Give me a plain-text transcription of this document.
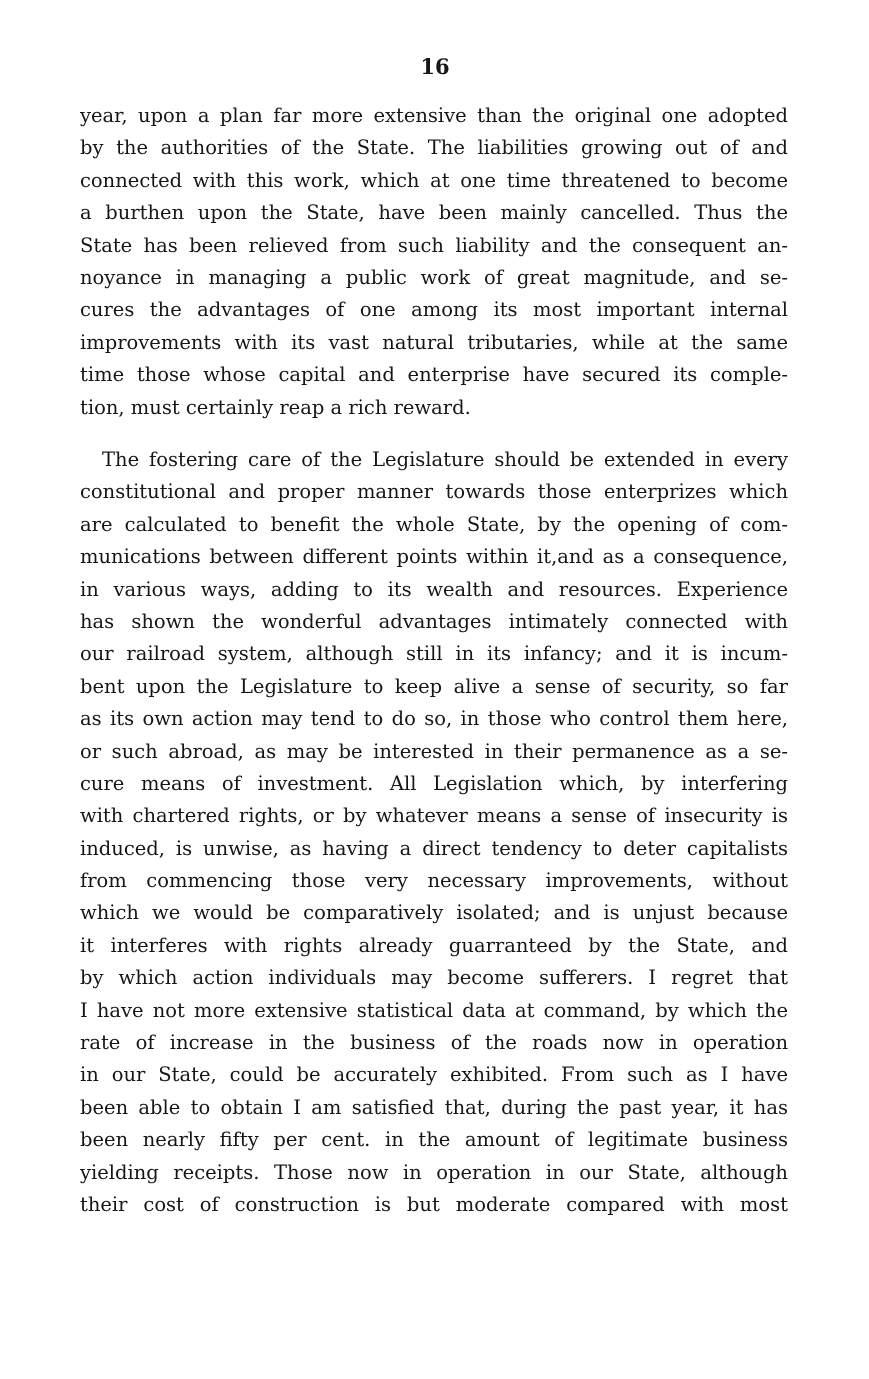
16
year, upon a plan far more extensive than the original one adopted
by the authorities of the State. The liabilities growing out of and
connected with this work, which at one time threatened to become
a burthen upon the State, have been mainly cancelled. Thus the
State has been relieved from such liability and the consequent an-
noyance in managing a public work of great magnitude, and se-
cures the advantages of one among its most important internal
improvements with its vast natural tributaries, while at the same
time those whose capital and enterprise have secured its comple-
tion, must certainly reap a rich reward.
The fostering care of the Legislature should be extended in every
constitutional and proper manner towards those enterprizes which
are calculated to benefit the whole State, by the opening of com-
munications between different points within it,and as a consequence,
in various ways, adding to its wealth and resources. Experience
has shown the wonderful advantages intimately connected with
our railroad system, although still in its infancy; and it is incum-
bent upon the Legislature to keep alive a sense of security, so far
as its own action may tend to do so, in those who control them here,
or such abroad, as may be interested in their permanence as a se-
cure means of investment. All Legislation which, by interfering
with chartered rights, or by whatever means a sense of insecurity is
induced, is unwise, as having a direct tendency to deter capitalists
from commencing those very necessary improvements, without
which we would be comparatively isolated; and is unjust because
it interferes with rights already guarranteed by the State, and
by which action individuals may become sufferers. I regret that
I have not more extensive statistical data at command, by which the
rate of increase in the business of the roads now in operation
in our State, could be accurately exhibited. From such as I have
been able to obtain I am satisfied that, during the past year, it has
been nearly fifty per cent. in the amount of legitimate business
yielding receipts. Those now in operation in our State, although
their cost of construction is but moderate compared with most
